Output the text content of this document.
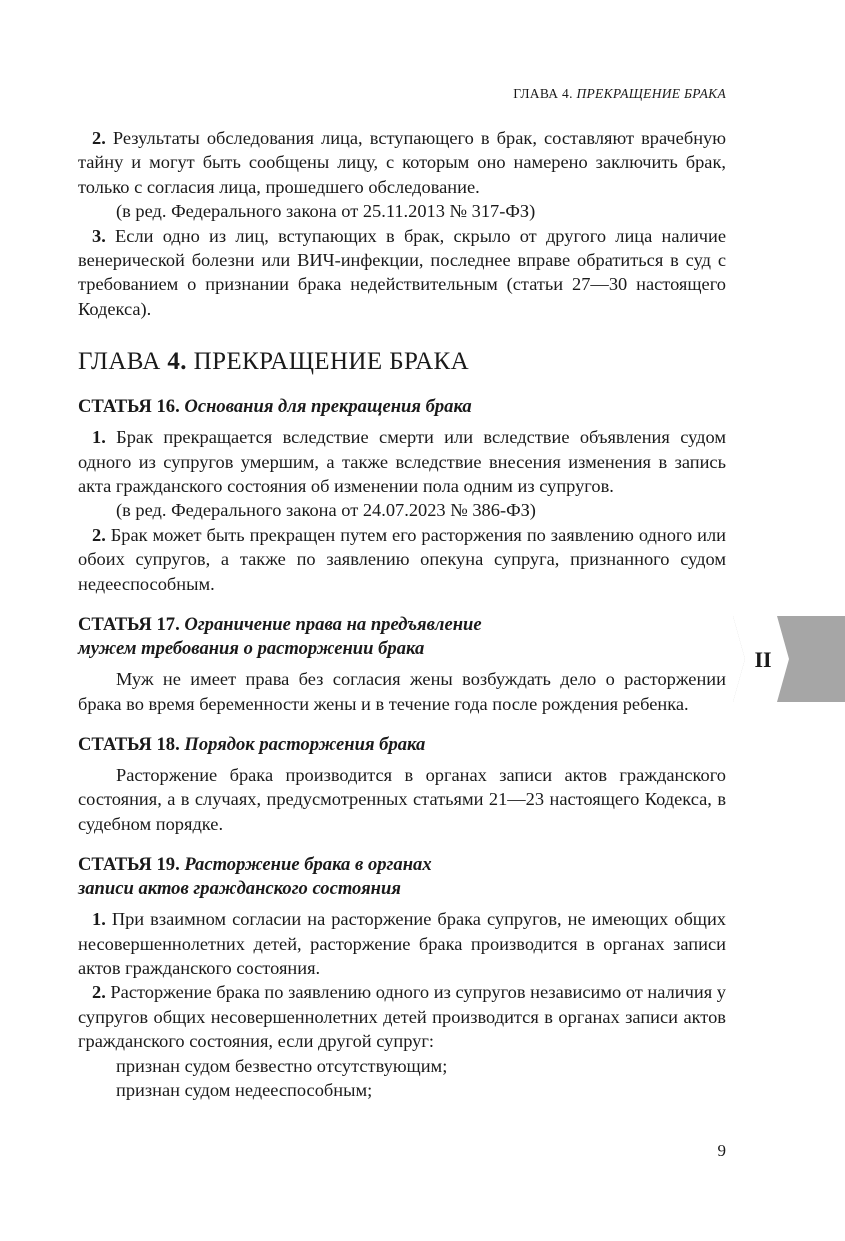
ГЛАВА 4. ПРЕКРАЩЕНИЕ БРАКА

2. Результаты обследования лица, вступающего в брак, составляют врачебную тайну и могут быть сообщены лицу, с которым оно намерено заключить брак, только с согласия лица, прошедшего обследование.

(в ред. Федерального закона от 25.11.2013 № 317-ФЗ)

3. Если одно из лиц, вступающих в брак, скрыло от другого лица наличие венерической болезни или ВИЧ-инфекции, последнее вправе обратиться в суд с требованием о признании брака недействительным (статьи 27—30 настоящего Кодекса).

ГЛАВА 4. ПРЕКРАЩЕНИЕ БРАКА
СТАТЬЯ 16. Основания для прекращения брака

1. Брак прекращается вследствие смерти или вследствие объявления судом одного из супругов умершим, а также вследствие внесения изменения в запись акта гражданского состояния об изменении пола одним из супругов.

(в ред. Федерального закона от 24.07.2023 № 386-ФЗ)

2. Брак может быть прекращен путем его расторжения по заявлению одного или обоих супругов, а также по заявлению опекуна супруга, признанного судом недееспособным.

СТАТЬЯ 17. Ограничение права на предъявление
мужем требования о расторжении брака

Муж не имеет права без согласия жены возбуждать дело о расторжении брака во время беременности жены и в течение года после рождения ребенка.

СТАТЬЯ 18. Порядок расторжения брака

Расторжение брака производится в органах записи актов гражданского состояния, а в случаях, предусмотренных статьями 21—23 настоящего Кодекса, в судебном порядке.

СТАТЬЯ 19. Расторжение брака в органах
записи актов гражданского состояния

1. При взаимном согласии на расторжение брака супругов, не имеющих общих несовершеннолетних детей, расторжение брака производится в органах записи актов гражданского состояния.

2. Расторжение брака по заявлению одного из супругов независимо от наличия у супругов общих несовершеннолетних детей производится в органах записи актов гражданского состояния, если другой супруг:

признан судом безвестно отсутствующим;

признан судом недееспособным;

II
9
